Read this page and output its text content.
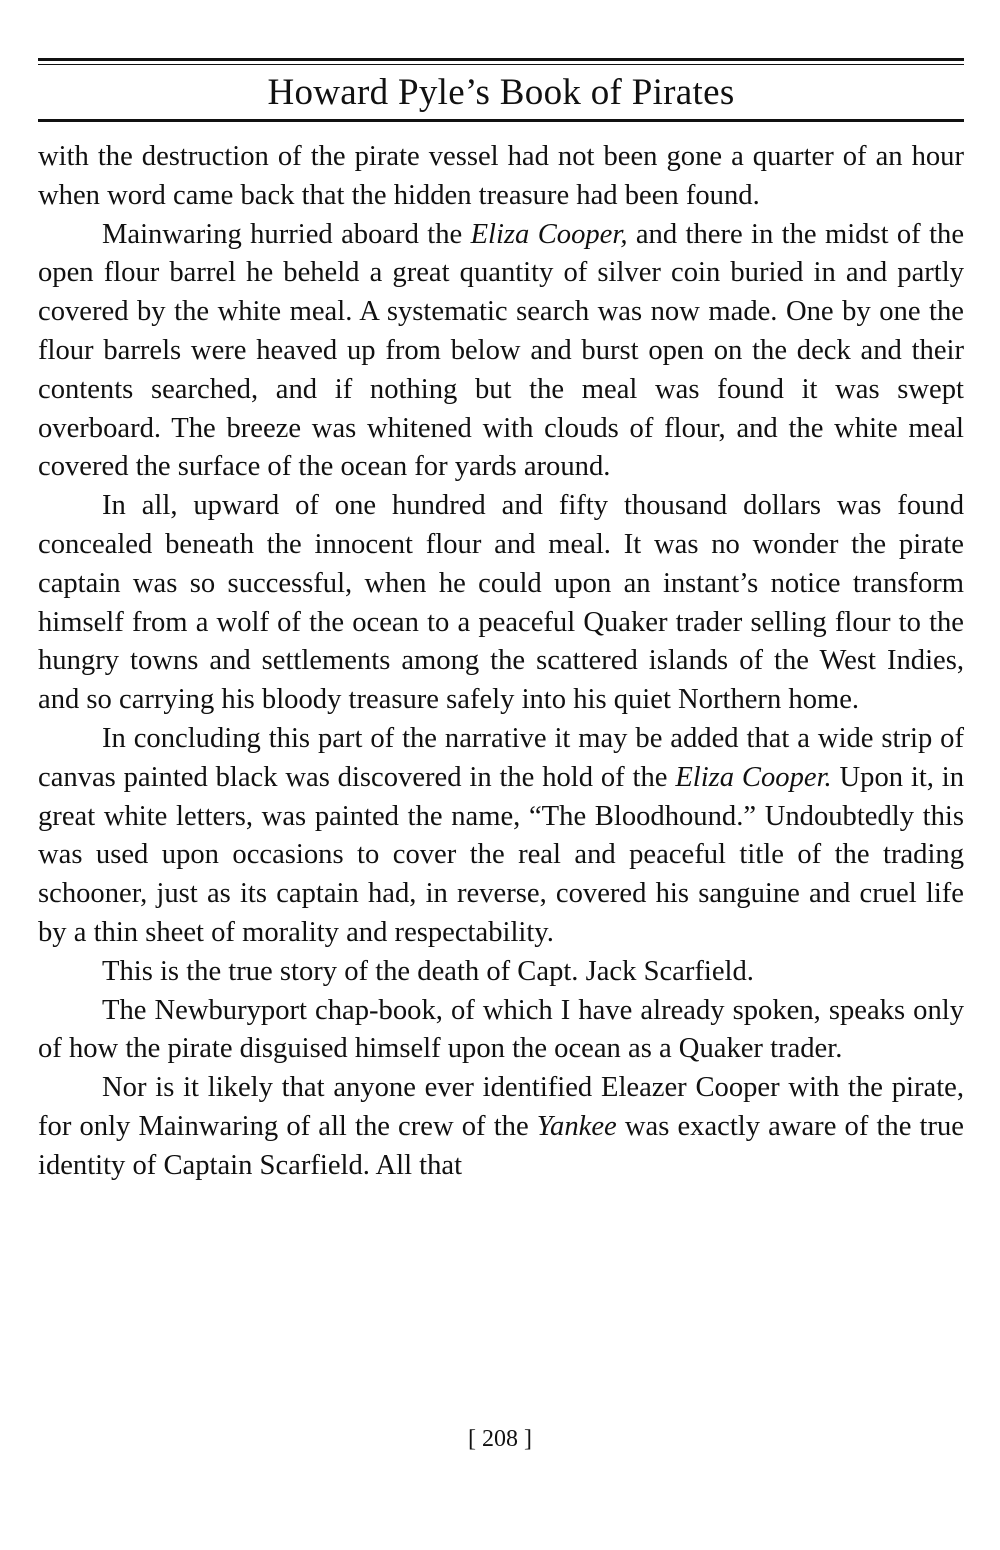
Howard Pyle’s Book of Pirates

with the destruction of the pirate vessel had not been gone a quarter of an hour when word came back that the hidden treasure had been found.

Mainwaring hurried aboard the Eliza Cooper, and there in the midst of the open flour barrel he beheld a great quantity of silver coin buried in and partly covered by the white meal. A systematic search was now made. One by one the flour barrels were heaved up from below and burst open on the deck and their contents searched, and if nothing but the meal was found it was swept overboard. The breeze was whitened with clouds of flour, and the white meal covered the surface of the ocean for yards around.

In all, upward of one hundred and fifty thousand dollars was found concealed beneath the innocent flour and meal. It was no wonder the pirate captain was so successful, when he could upon an instant’s notice transform himself from a wolf of the ocean to a peaceful Quaker trader selling flour to the hungry towns and settlements among the scattered islands of the West Indies, and so carrying his bloody treasure safely into his quiet Northern home.

In concluding this part of the narrative it may be added that a wide strip of canvas painted black was discovered in the hold of the Eliza Cooper. Upon it, in great white letters, was painted the name, “The Bloodhound.” Undoubtedly this was used upon occasions to cover the real and peaceful title of the trading schooner, just as its captain had, in reverse, covered his sanguine and cruel life by a thin sheet of morality and respectability.

This is the true story of the death of Capt. Jack Scarfield.

The Newburyport chap-book, of which I have already spoken, speaks only of how the pirate disguised himself upon the ocean as a Quaker trader.

Nor is it likely that anyone ever identified Eleazer Cooper with the pirate, for only Mainwaring of all the crew of the Yankee was exactly aware of the true identity of Captain Scarfield. All that

[ 208 ]
